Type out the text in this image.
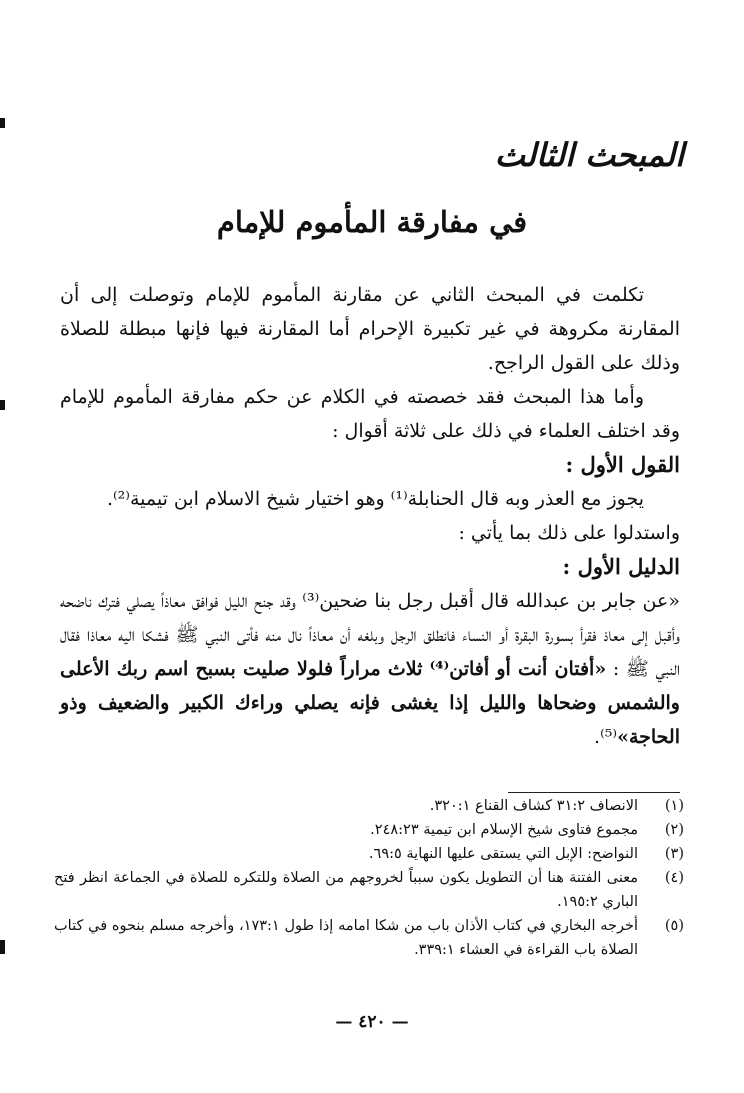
المبحث الثالث
في مفارقة المأموم للإمام

تكلمت في المبحث الثاني عن مقارنة المأموم للإمام وتوصلت إلى أن المقارنة مكروهة في غير تكبيرة الإحرام أما المقارنة فيها فإنها مبطلة للصلاة وذلك على القول الراجح.

وأما هذا المبحث فقد خصصته في الكلام عن حكم مفارقة المأموم للإمام وقد اختلف العلماء في ذلك على ثلاثة أقوال :

القول الأول :

يجوز مع العذر وبه قال الحنابلة⁽¹⁾ وهو اختيار شيخ الاسلام ابن تيمية⁽²⁾.

واستدلوا على ذلك بما يأتي :

الدليل الأول :

«عن جابر بن عبدالله قال أقبل رجل بنا ضحين⁽³⁾ وقد جنح الليل فوافق معاذاً يصلي فترك ناضحه وأقبل إلى معاذ فقرأ بسورة البقرة أو النساء فانطلق الرجل وبلغه أن معاذاً نال منه فأتى النبي ﷺ فشكا اليه معاذا فقال النبي ﷺ : «أفتان أنت أو أفاتن⁽⁴⁾ ثلاث مراراً فلولا صليت بسبح اسم ربك الأعلى والشمس وضحاها والليل إذا يغشى فإنه يصلي وراءك الكبير والضعيف وذو الحاجة»⁽⁵⁾.

(١)
الانصاف ٣١:٢ كشاف القناع ٣٢٠:١.
(٢)
مجموع فتاوى شيخ الإسلام ابن تيمية ٢٤٨:٢٣.
(٣)
النواضح: الإبل التي يستقى عليها النهاية ٦٩:٥.
(٤)
معنى الفتنة هنا أن التطويل يكون سبباً لخروجهم من الصلاة وللتكره للصلاة في الجماعة انظر فتح الباري ١٩٥:٢.
(٥)
أخرجه البخاري في كتاب الأذان باب من شكا امامه إذا طول ١٧٣:١، وأخرجه مسلم بنحوه في كتاب الصلاة باب القراءة في العشاء ٣٣٩:١.
— ٤٢٠ —
